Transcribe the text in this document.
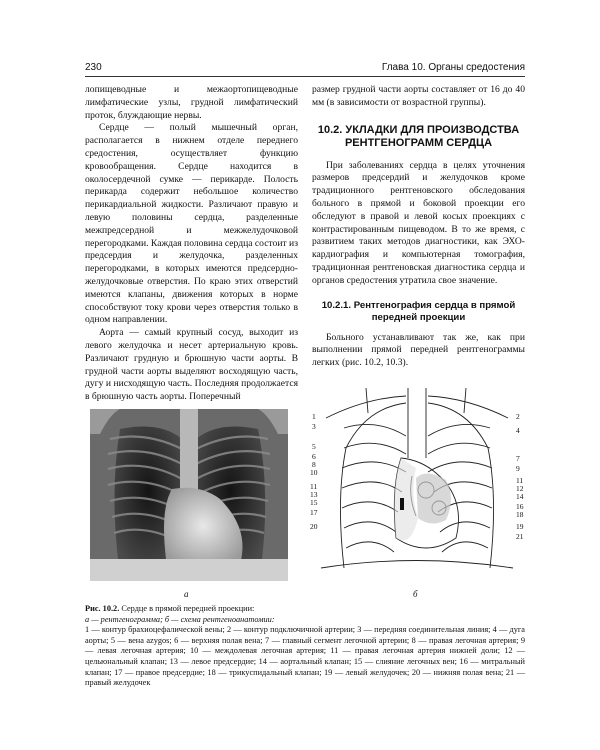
230	Глава 10. Органы средостения

лопищеводные и межаортопищеводные лимфатические узлы, грудной лимфатический проток, блуждающие нервы.

Сердце — полый мышечный орган, располагается в нижнем отделе переднего средостения, осуществляет функцию кровообращения. Сердце находится в околосердечной сумке — перикарде. Полость перикарда содержит небольшое количество перикардиальной жидкости. Различают правую и левую половины сердца, разделенные межпредсердной и межжелудочковой перегородками. Каждая половина сердца состоит из предсердия и желудочка, разделенных перегородками, в которых имеются предсердно-желудочковые отверстия. По краю этих отверстий имеются клапаны, движения которых в норме способствуют току крови через отверстия только в одном направлении.

Аорта — самый крупный сосуд, выходит из левого желудочка и несет артериальную кровь. Различают грудную и брюшную части аорты. В грудной части аорты выделяют восходящую часть, дугу и нисходящую часть. Последняя продолжается в брюшную часть аорты. Поперечный

размер грудной части аорты составляет от 16 до 40 мм (в зависимости от возрастной группы).

10.2. УКЛАДКИ ДЛЯ ПРОИЗВОДСТВА РЕНТГЕНОГРАММ СЕРДЦА

При заболеваниях сердца в целях уточнения размеров предсердий и желудочков кроме традиционного рентгеновского обследования больного в прямой и боковой проекции его обследуют в правой и левой косых проекциях с контрастированным пищеводом. В то же время, с развитием таких методов диагностики, как ЭХО-кардиография и компьютерная томография, традиционная рентгеновская диагностика сердца и органов средостения утратила свое значение.

10.2.1. Рентгенография сердца в прямой передней проекции

Больного устанавливают так же, как при выполнении прямой передней рентгенограммы легких (рис. 10.2, 10.3).

а
1
3
5
6
8
10
11
13
15
17
20
2
4
7
9
11
12
14
16
18
19
21
б

Рис. 10.2. Сердце в прямой передней проекции:

а — рентгенограмма; б — схема рентгеноанатомии:

1 — контур брахиоцефалической вены; 2 — контур подключичной артерии; 3 — передняя соединительная линия; 4 — дуга аорты; 5 — вена azygos; 6 — верхняя полая вена; 7 — главный сегмент легочной артерии; 8 — правая легочная артерия; 9 — левая легочная артерия; 10 — междолевая легочная артерия; 11 — правая легочная артерия нижней доли; 12 — цельюнальный клапан; 13 — левое предсердие; 14 — аортальный клапан; 15 — слияние легочных вен; 16 — митральный клапан; 17 — правое предсердие; 18 — трикуспидальный клапан; 19 — левый желудочек; 20 — нижняя полая вена; 21 — правый желудочек
